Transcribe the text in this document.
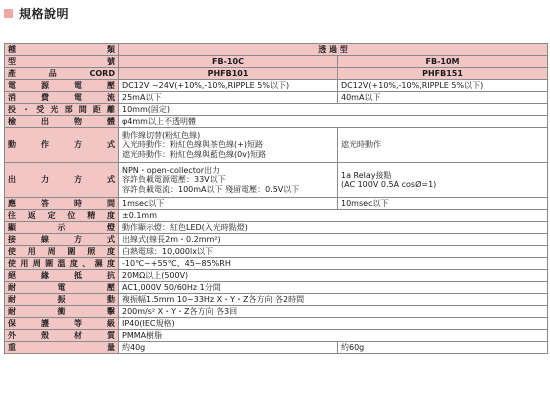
規格說明
種　類	透 過 型	
型　號	FB-10C	FB-10M
產品CORD	PHFB101	PHFB151
電源電壓	DC12V ~24V(+10%,-10%,RIPPLE 5%以下)	DC12V(+10%,-10%,RIPPLE 5%以下)
消費電流	25mA以下	40mA以下
投・受光部間距離	10mm(固定)	
檢出物體	φ4mm以上不透明體	
動作方式	動作線切替(粉紅色線)
入光時動作：粉紅色線與茶色線(+)短路
遮光時動作：粉紅色線與藍色線(0v)短路	遮光時動作
出力方式	NPN・open-collector出力
容許負載電源電壓：33V以下
容許負載電流：100mA以下 殘留電壓：0.5V以下	1a Relay接點
(AC 100V 0.5A cosØ=1)

應答時間	1msec以下	10msec以下
往返定位精度	±0.1mm	
顯示燈	動作顯示燈：紅色LED(入光時點燈)	
接線方式	出線式(線長2m・0.2mm²)	
使用周圍照度	白熱電球：10,000lx以下	
使用周圍溫度、濕度	-10℃~+55℃、45~85%RH	
絕緣抵抗	20MΩ以上(500V)	
耐電壓	AC1,000V 50/60Hz 1分間	
耐振動	複振幅1.5mm 10~33Hz X・Y・Z各方向 各2時間	
耐衝擊	200m/s² X・Y・Z各方向 各3回	
保護等級	IP40(IEC規格)	
外殼材質	PMMA樹脂	
重量	約40g	約60g
